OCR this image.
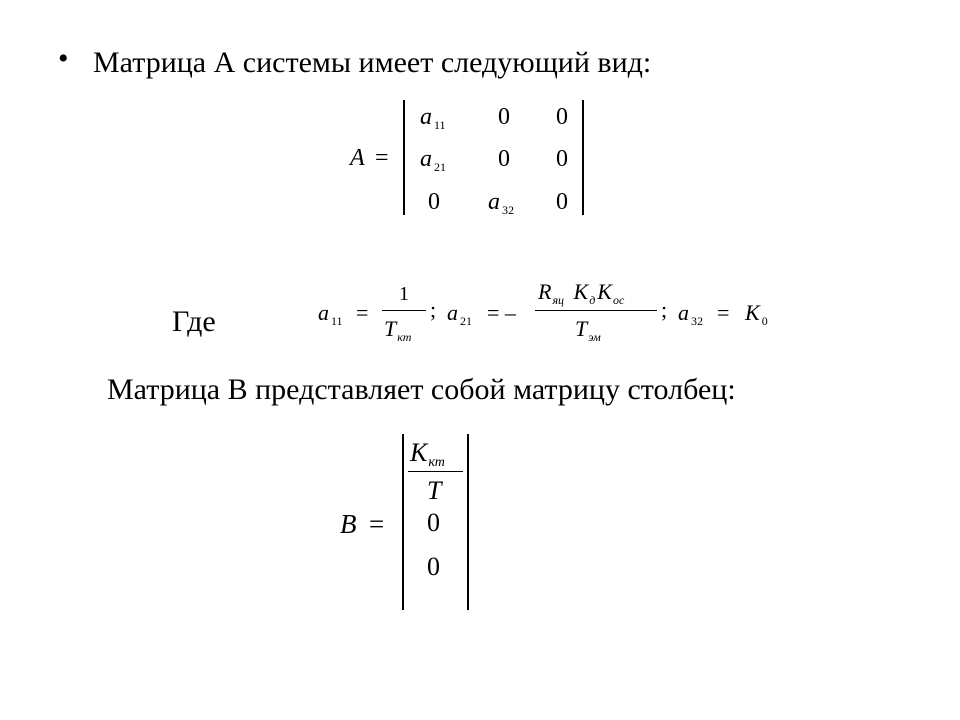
• Матрица А системы имеет следующий вид:
A =
a $_{11}$ 0 0
a $_{21}$ 0 0
0 a $_{32}$ 0
Где	a $_{11}$ =
1
$T_{кт}$
; a $_{21}$ = –
$R_{яц}$ $K_дK_{ос}$
$T_{эм}$
; a $_{32}$ = K $_0$
Матрица В представляет собой матрицу столбец:
B =
Kкт
T
0
0
